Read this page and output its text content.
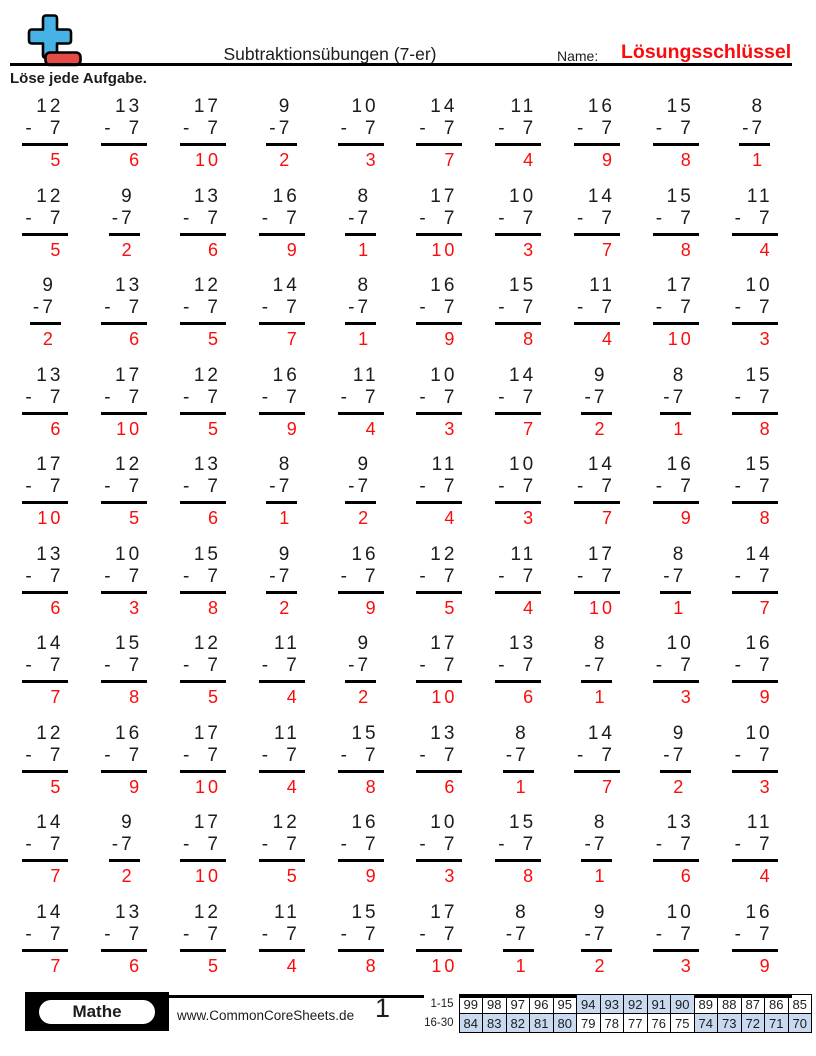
Subtraktionsübungen (7-er)	Name: Lösungsschlüssel
Löse jede Aufgabe.
12
- 7
5
13
- 7
6
17
- 7
10
9
- 7
2
10
- 7
3
14
- 7
7
11
- 7
4
16
- 7
9
15
- 7
8
8
- 7
1
12
- 7
5
9
- 7
2
13
- 7
6
16
- 7
9
8
- 7
1
17
- 7
10
10
- 7
3
14
- 7
7
15
- 7
8
11
- 7
4
9
- 7
2
13
- 7
6
12
- 7
5
14
- 7
7
8
- 7
1
16
- 7
9
15
- 7
8
11
- 7
4
17
- 7
10
10
- 7
3
13
- 7
6
17
- 7
10
12
- 7
5
16
- 7
9
11
- 7
4
10
- 7
3
14
- 7
7
9
- 7
2
8
- 7
1
15
- 7
8
17
- 7
10
12
- 7
5
13
- 7
6
8
- 7
1
9
- 7
2
11
- 7
4
10
- 7
3
14
- 7
7
16
- 7
9
15
- 7
8
13
- 7
6
10
- 7
3
15
- 7
8
9
- 7
2
16
- 7
9
12
- 7
5
11
- 7
4
17
- 7
10
8
- 7
1
14
- 7
7
14
- 7
7
15
- 7
8
12
- 7
5
11
- 7
4
9
- 7
2
17
- 7
10
13
- 7
6
8
- 7
1
10
- 7
3
16
- 7
9
12
- 7
5
16
- 7
9
17
- 7
10
11
- 7
4
15
- 7
8
13
- 7
6
8
- 7
1
14
- 7
7
9
- 7
2
10
- 7
3
14
- 7
7
9
- 7
2
17
- 7
10
12
- 7
5
16
- 7
9
10
- 7
3
15
- 7
8
8
- 7
1
13
- 7
6
11
- 7
4
14
- 7
7
13
- 7
6
12
- 7
5
11
- 7
4
15
- 7
8
17
- 7
10
8
- 7
1
9
- 7
2
10
- 7
3
16
- 7
9
Mathe	www.CommonCoreSheets.de 1	1-15	99	98	97	96	95	94	93	92	91	90	89	88	87	86	85
16-30	84	83	82	81	80	79	78	77	76	75	74	73	72	71	70
